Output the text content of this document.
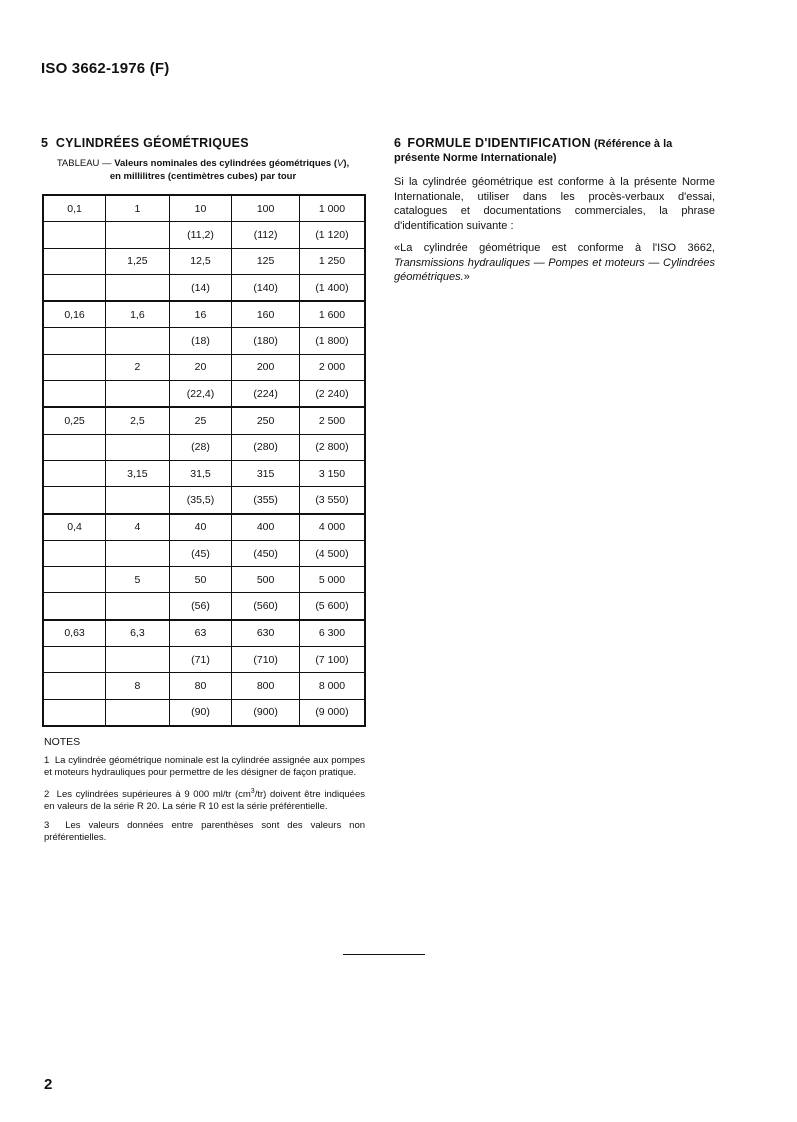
ISO 3662-1976 (F)
5 CYLINDRÉES GÉOMÉTRIQUES
TABLEAU — Valeurs nominales des cylindrées géométriques (V),
en millilitres (centimètres cubes) par tour
0,1	1	10	100	1 000
		(11,2)	(112)	(1 120)
	1,25	12,5	125	1 250
		(14)	(140)	(1 400)
0,16	1,6	16	160	1 600
		(18)	(180)	(1 800)
	2	20	200	2 000
		(22,4)	(224)	(2 240)
0,25	2,5	25	250	2 500
		(28)	(280)	(2 800)
	3,15	31,5	315	3 150
		(35,5)	(355)	(3 550)
0,4	4	40	400	4 000
		(45)	(450)	(4 500)
	5	50	500	5 000
		(56)	(560)	(5 600)
0,63	6,3	63	630	6 300
		(71)	(710)	(7 100)
	8	80	800	8 000
		(90)	(900)	(9 000)
NOTES

1 La cylindrée géométrique nominale est la cylindrée assignée aux pompes et moteurs hydrauliques pour permettre de les désigner de façon pratique.

2 Les cylindrées supérieures à 9 000 ml/tr $(cm^3/tr)$ doivent être indiquées en valeurs de la série R 20. La série R 10 est la série préférentielle.

3 Les valeurs données entre parenthèses sont des valeurs non préférentielles.

6 FORMULE D'IDENTIFICATION (Référence à la présente Norme Internationale)

Si la cylindrée géométrique est conforme à la présente Norme Internationale, utiliser dans les procès-verbaux d'essai, catalogues et documentations commerciales, la phrase d'identification suivante :

«La cylindrée géométrique est conforme à l'ISO 3662, Transmissions hydrauliques — Pompes et moteurs — Cylindrées géométriques.»

2
